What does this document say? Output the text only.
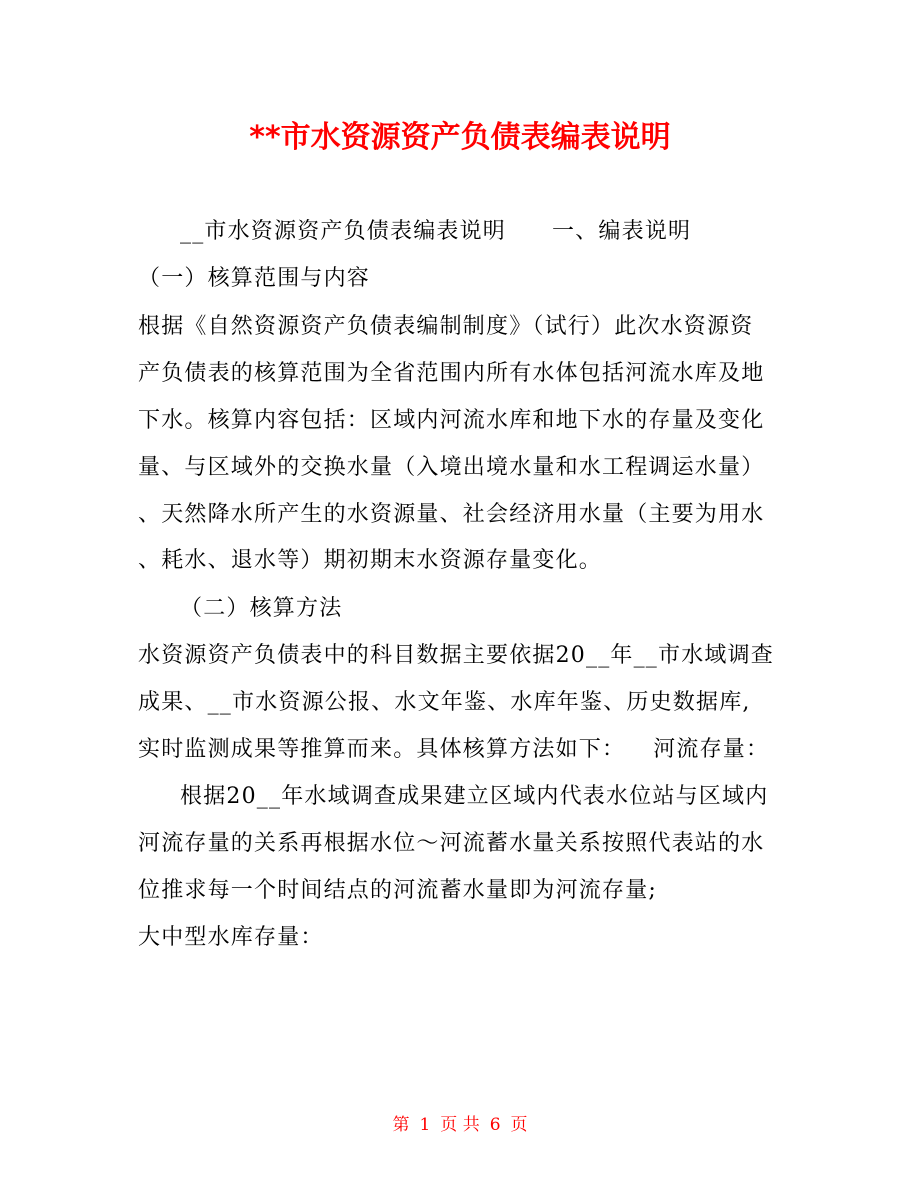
**市水资源资产负债表编表说明
__市水资源资产负债表编表说明 一、编表说明
（一）核算范围与内容
根据《自然资源资产负债表编制制度》（试行）此次水资源资
产负债表的核算范围为全省范围内所有水体包括河流水库及地
下水。核算内容包括：区域内河流水库和地下水的存量及变化
量、与区域外的交换水量（入境出境水量和水工程调运水量）
、天然降水所产生的水资源量、社会经济用水量（主要为用水
、耗水、退水等）期初期末水资源存量变化。
（二）核算方法
水资源资产负债表中的科目数据主要依据20__年__市水域调查
成果、__市水资源公报、水文年鉴、水库年鉴、历史数据库,
实时监测成果等推算而来。具体核算方法如下： 河流存量：
根据20__年水域调查成果建立区域内代表水位站与区域内
河流存量的关系再根据水位～河流蓄水量关系按照代表站的水
位推求每一个时间结点的河流蓄水量即为河流存量;
大中型水库存量：
第 1 页 共 6 页
